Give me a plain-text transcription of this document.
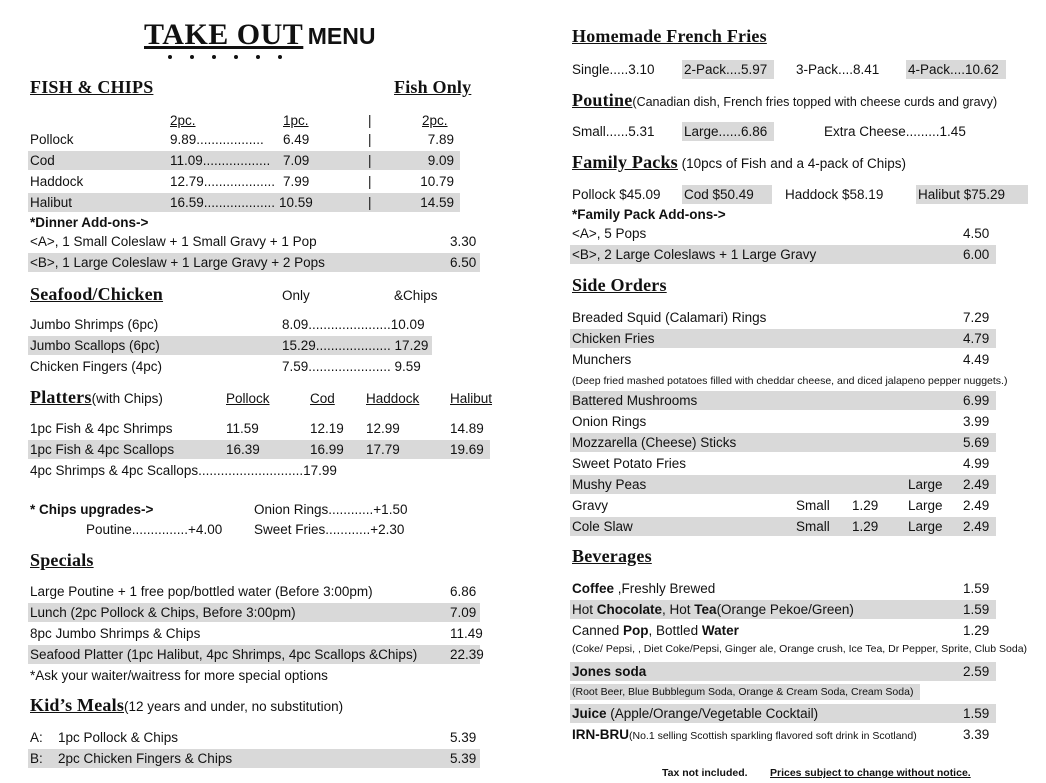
TAKE OUT MENU
FISH & CHIPS	Fish Only
2pc.	1pc.	|	2pc.
Pollock	9.89.................. 6.49	|	7.89
Cod	11.09.................. 7.09	|	9.09
Haddock	12.79................... 7.99	|	10.79
Halibut	16.59................... 10.59	|	14.59
*Dinner Add-ons->
<A>, 1 Small Coleslaw + 1 Small Gravy + 1 Pop	3.30
<B>, 1 Large Coleslaw + 1 Large Gravy + 2 Pops	6.50
Seafood/Chicken	Only	&Chips
Jumbo Shrimps (6pc)	8.09......................10.09
Jumbo Scallops (6pc)	15.29.................... 17.29
Chicken Fingers (4pc)	7.59...................... 9.59
Platters(with Chips)	Pollock	Cod Haddock Halibut
1pc Fish & 4pc Shrimps	11.59	12.19 12.99	14.89
1pc Fish & 4pc Scallops	16.39	16.99 17.79	19.69
4pc Shrimps & 4pc Scallops............................17.99
* Chips upgrades->	Onion Rings............+1.50
Poutine...............+4.00 Sweet Fries............+2.30
Specials
Large Poutine + 1 free pop/bottled water (Before 3:00pm)	6.86
Lunch (2pc Pollock & Chips, Before 3:00pm)	7.09
8pc Jumbo Shrimps & Chips	11.49
Seafood Platter (1pc Halibut, 4pc Shrimps, 4pc Scallops &Chips) 22.39
*Ask your waiter/waitress for more special options
Kid’s Meals(12 years and under, no substitution)
A: 1pc Pollock & Chips	5.39
B: 2pc Chicken Fingers & Chips	5.39
Homemade French Fries
Single.....3.10 2-Pack....5.97 3-Pack....8.41 4-Pack....10.62
Poutine(Canadian dish, French fries topped with cheese curds and gravy)
Small......5.31 Large......6.86	Extra Cheese.........1.45
Family Packs (10pcs of Fish and a 4-pack of Chips)
Pollock $45.09 Cod $50.49 Haddock $58.19	Halibut $75.29
*Family Pack Add-ons->
<A>, 5 Pops	4.50
<B>, 2 Large Coleslaws + 1 Large Gravy	6.00
Side Orders
Breaded Squid (Calamari) Rings	7.29
Chicken Fries	4.79
Munchers	4.49
(Deep fried mashed potatoes filled with cheddar cheese, and diced jalapeno pepper nuggets.)
Battered Mushrooms	6.99
Onion Rings	3.99
Mozzarella (Cheese) Sticks	5.69
Sweet Potato Fries	4.99
Mushy Peas	Large 2.49
Gravy	Small 1.29 Large 2.49
Cole Slaw	Small 1.29 Large 2.49
Beverages
Coffee ,Freshly Brewed	1.59
Hot Chocolate, Hot Tea(Orange Pekoe/Green)	1.59
Canned Pop, Bottled Water	1.29
(Coke/ Pepsi, , Diet Coke/Pepsi, Ginger ale, Orange crush, Ice Tea, Dr Pepper, Sprite, Club Soda)
Jones soda	2.59
(Root Beer, Blue Bubblegum Soda, Orange & Cream Soda, Cream Soda)
Juice (Apple/Orange/Vegetable Cocktail)	1.59
IRN-BRU(No.1 selling Scottish sparkling flavored soft drink in Scotland)	3.39
Tax not included. Prices subject to change without notice.
